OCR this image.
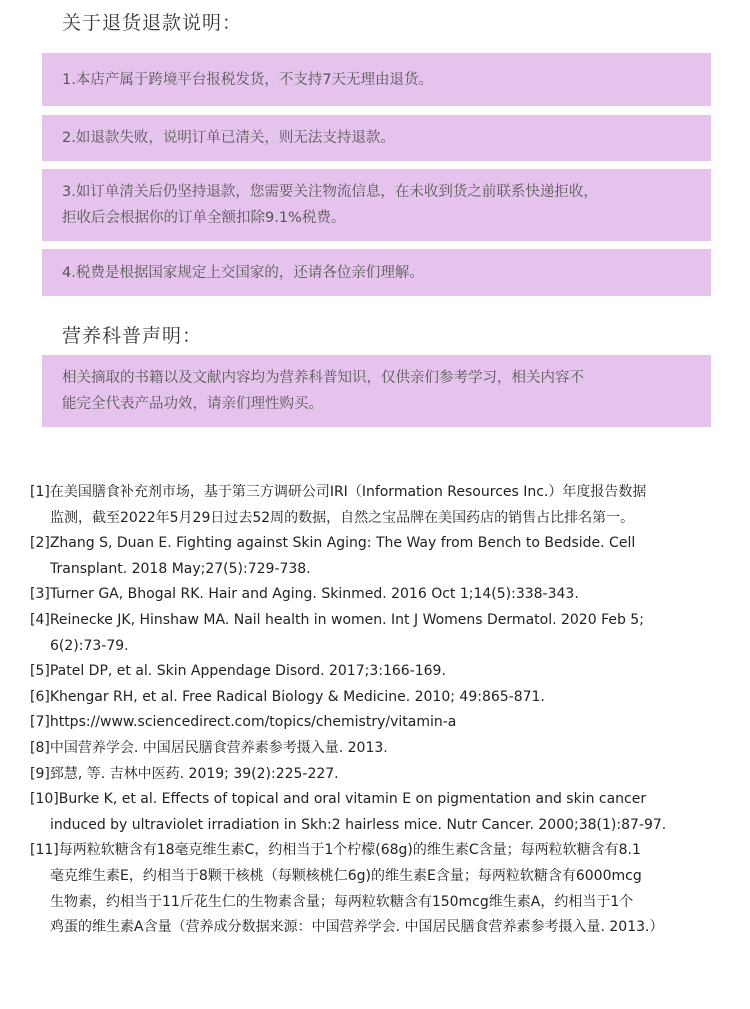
关于退货退款说明：
1.本店产属于跨境平台报税发货，不支持7天无理由退货。
2.如退款失败，说明订单已清关，则无法支持退款。
3.如订单清关后仍坚持退款，您需要关注物流信息，在未收到货之前联系快递拒收，
拒收后会根据你的订单全额扣除9.1%税费。
4.税费是根据国家规定上交国家的，还请各位亲们理解。
营养科普声明：
相关摘取的书籍以及文献内容均为营养科普知识，仅供亲们参考学习，相关内容不
能完全代表产品功效，请亲们理性购买。
[1]在美国膳食补充剂市场，基于第三方调研公司IRI（Information Resources Inc.）年度报告数据
监测，截至2022年5月29日过去52周的数据，自然之宝品牌在美国药店的销售占比排名第一。
[2]Zhang S, Duan E. Fighting against Skin Aging: The Way from Bench to Bedside. Cell
Transplant. 2018 May;27(5):729-738.
[3]Turner GA, Bhogal RK. Hair and Aging. Skinmed. 2016 Oct 1;14(5):338-343.
[4]Reinecke JK, Hinshaw MA. Nail health in women. Int J Womens Dermatol. 2020 Feb 5;
6(2):73-79.
[5]Patel DP, et al. Skin Appendage Disord. 2017;3:166-169.
[6]Khengar RH, et al. Free Radical Biology & Medicine. 2010; 49:865-871.
[7]https://www.sciencedirect.com/topics/chemistry/vitamin-a
[8]中国营养学会. 中国居民膳食营养素参考摄入量. 2013.
[9]郅慧, 等. 吉林中医药. 2019; 39(2):225-227.
[10]Burke K, et al. Effects of topical and oral vitamin E on pigmentation and skin cancer
induced by ultraviolet irradiation in Skh:2 hairless mice. Nutr Cancer. 2000;38(1):87-97.
[11]每两粒软糖含有18毫克维生素C，约相当于1个柠檬(68g)的维生素C含量；每两粒软糖含有8.1
毫克维生素E，约相当于8颗干核桃（每颗核桃仁6g)的维生素E含量；每两粒软糖含有6000mcg
生物素，约相当于11斤花生仁的生物素含量；每两粒软糖含有150mcg维生素A，约相当于1个
鸡蛋的维生素A含量（营养成分数据来源：中国营养学会. 中国居民膳食营养素参考摄入量. 2013.）
